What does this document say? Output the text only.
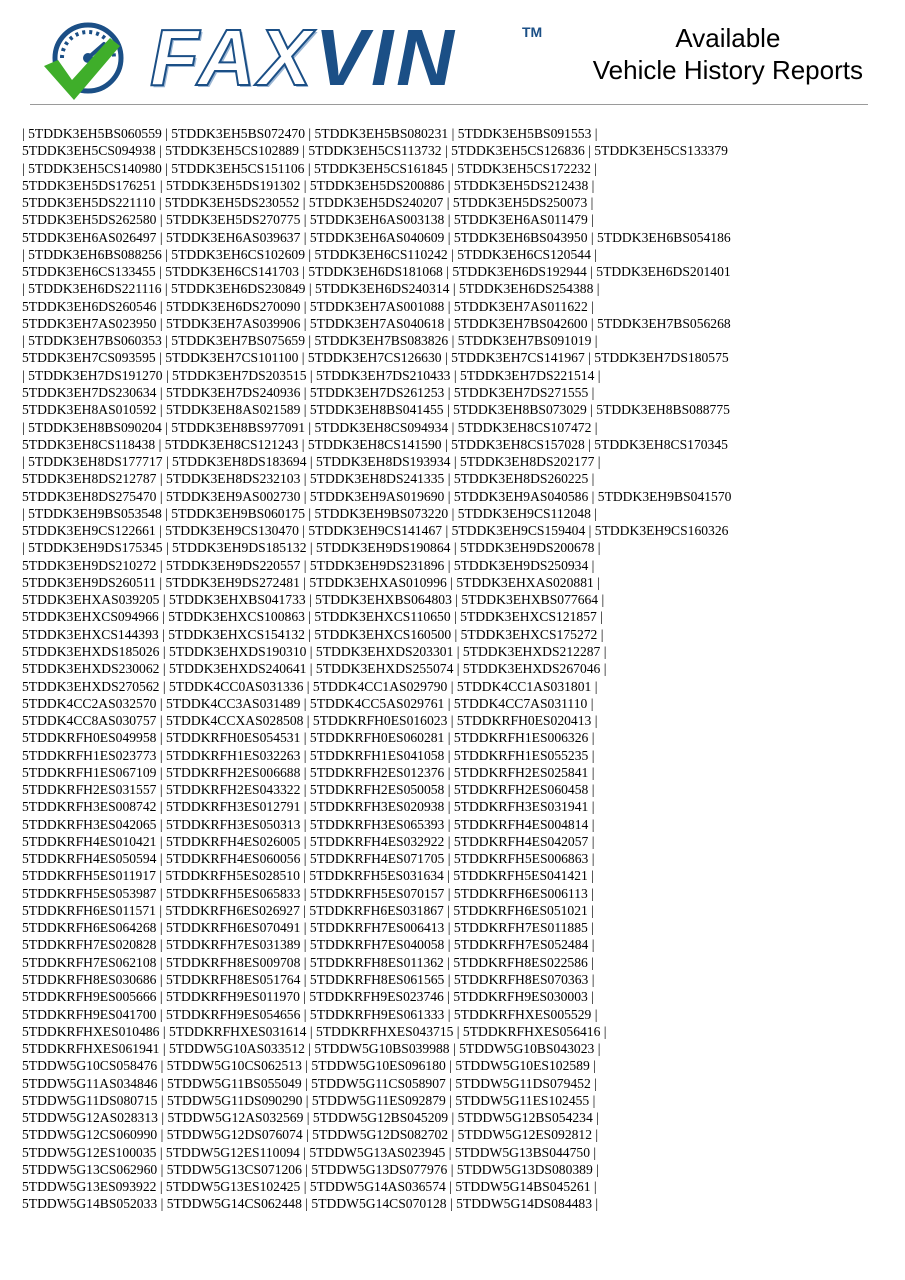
FAXVIN	TM	Available
Vehicle History Reports
| 5TDDK3EH5BS060559 | 5TDDK3EH5BS072470 | 5TDDK3EH5BS080231 | 5TDDK3EH5BS091553 |
5TDDK3EH5CS094938 | 5TDDK3EH5CS102889 | 5TDDK3EH5CS113732 | 5TDDK3EH5CS126836 | 5TDDK3EH5CS133379
| 5TDDK3EH5CS140980 | 5TDDK3EH5CS151106 | 5TDDK3EH5CS161845 | 5TDDK3EH5CS172232 |
5TDDK3EH5DS176251 | 5TDDK3EH5DS191302 | 5TDDK3EH5DS200886 | 5TDDK3EH5DS212438 |
5TDDK3EH5DS221110 | 5TDDK3EH5DS230552 | 5TDDK3EH5DS240207 | 5TDDK3EH5DS250073 |
5TDDK3EH5DS262580 | 5TDDK3EH5DS270775 | 5TDDK3EH6AS003138 | 5TDDK3EH6AS011479 |
5TDDK3EH6AS026497 | 5TDDK3EH6AS039637 | 5TDDK3EH6AS040609 | 5TDDK3EH6BS043950 | 5TDDK3EH6BS054186
| 5TDDK3EH6BS088256 | 5TDDK3EH6CS102609 | 5TDDK3EH6CS110242 | 5TDDK3EH6CS120544 |
5TDDK3EH6CS133455 | 5TDDK3EH6CS141703 | 5TDDK3EH6DS181068 | 5TDDK3EH6DS192944 | 5TDDK3EH6DS201401
| 5TDDK3EH6DS221116 | 5TDDK3EH6DS230849 | 5TDDK3EH6DS240314 | 5TDDK3EH6DS254388 |
5TDDK3EH6DS260546 | 5TDDK3EH6DS270090 | 5TDDK3EH7AS001088 | 5TDDK3EH7AS011622 |
5TDDK3EH7AS023950 | 5TDDK3EH7AS039906 | 5TDDK3EH7AS040618 | 5TDDK3EH7BS042600 | 5TDDK3EH7BS056268
| 5TDDK3EH7BS060353 | 5TDDK3EH7BS075659 | 5TDDK3EH7BS083826 | 5TDDK3EH7BS091019 |
5TDDK3EH7CS093595 | 5TDDK3EH7CS101100 | 5TDDK3EH7CS126630 | 5TDDK3EH7CS141967 | 5TDDK3EH7DS180575
| 5TDDK3EH7DS191270 | 5TDDK3EH7DS203515 | 5TDDK3EH7DS210433 | 5TDDK3EH7DS221514 |
5TDDK3EH7DS230634 | 5TDDK3EH7DS240936 | 5TDDK3EH7DS261253 | 5TDDK3EH7DS271555 |
5TDDK3EH8AS010592 | 5TDDK3EH8AS021589 | 5TDDK3EH8BS041455 | 5TDDK3EH8BS073029 | 5TDDK3EH8BS088775
| 5TDDK3EH8BS090204 | 5TDDK3EH8BS977091 | 5TDDK3EH8CS094934 | 5TDDK3EH8CS107472 |
5TDDK3EH8CS118438 | 5TDDK3EH8CS121243 | 5TDDK3EH8CS141590 | 5TDDK3EH8CS157028 | 5TDDK3EH8CS170345
| 5TDDK3EH8DS177717 | 5TDDK3EH8DS183694 | 5TDDK3EH8DS193934 | 5TDDK3EH8DS202177 |
5TDDK3EH8DS212787 | 5TDDK3EH8DS232103 | 5TDDK3EH8DS241335 | 5TDDK3EH8DS260225 |
5TDDK3EH8DS275470 | 5TDDK3EH9AS002730 | 5TDDK3EH9AS019690 | 5TDDK3EH9AS040586 | 5TDDK3EH9BS041570
| 5TDDK3EH9BS053548 | 5TDDK3EH9BS060175 | 5TDDK3EH9BS073220 | 5TDDK3EH9CS112048 |
5TDDK3EH9CS122661 | 5TDDK3EH9CS130470 | 5TDDK3EH9CS141467 | 5TDDK3EH9CS159404 | 5TDDK3EH9CS160326
| 5TDDK3EH9DS175345 | 5TDDK3EH9DS185132 | 5TDDK3EH9DS190864 | 5TDDK3EH9DS200678 |
5TDDK3EH9DS210272 | 5TDDK3EH9DS220557 | 5TDDK3EH9DS231896 | 5TDDK3EH9DS250934 |
5TDDK3EH9DS260511 | 5TDDK3EH9DS272481 | 5TDDK3EHXAS010996 | 5TDDK3EHXAS020881 |
5TDDK3EHXAS039205 | 5TDDK3EHXBS041733 | 5TDDK3EHXBS064803 | 5TDDK3EHXBS077664 |
5TDDK3EHXCS094966 | 5TDDK3EHXCS100863 | 5TDDK3EHXCS110650 | 5TDDK3EHXCS121857 |
5TDDK3EHXCS144393 | 5TDDK3EHXCS154132 | 5TDDK3EHXCS160500 | 5TDDK3EHXCS175272 |
5TDDK3EHXDS185026 | 5TDDK3EHXDS190310 | 5TDDK3EHXDS203301 | 5TDDK3EHXDS212287 |
5TDDK3EHXDS230062 | 5TDDK3EHXDS240641 | 5TDDK3EHXDS255074 | 5TDDK3EHXDS267046 |
5TDDK3EHXDS270562 | 5TDDK4CC0AS031336 | 5TDDK4CC1AS029790 | 5TDDK4CC1AS031801 |
5TDDK4CC2AS032570 | 5TDDK4CC3AS031489 | 5TDDK4CC5AS029761 | 5TDDK4CC7AS031110 |
5TDDK4CC8AS030757 | 5TDDK4CCXAS028508 | 5TDDKRFH0ES016023 | 5TDDKRFH0ES020413 |
5TDDKRFH0ES049958 | 5TDDKRFH0ES054531 | 5TDDKRFH0ES060281 | 5TDDKRFH1ES006326 |
5TDDKRFH1ES023773 | 5TDDKRFH1ES032263 | 5TDDKRFH1ES041058 | 5TDDKRFH1ES055235 |
5TDDKRFH1ES067109 | 5TDDKRFH2ES006688 | 5TDDKRFH2ES012376 | 5TDDKRFH2ES025841 |
5TDDKRFH2ES031557 | 5TDDKRFH2ES043322 | 5TDDKRFH2ES050058 | 5TDDKRFH2ES060458 |
5TDDKRFH3ES008742 | 5TDDKRFH3ES012791 | 5TDDKRFH3ES020938 | 5TDDKRFH3ES031941 |
5TDDKRFH3ES042065 | 5TDDKRFH3ES050313 | 5TDDKRFH3ES065393 | 5TDDKRFH4ES004814 |
5TDDKRFH4ES010421 | 5TDDKRFH4ES026005 | 5TDDKRFH4ES032922 | 5TDDKRFH4ES042057 |
5TDDKRFH4ES050594 | 5TDDKRFH4ES060056 | 5TDDKRFH4ES071705 | 5TDDKRFH5ES006863 |
5TDDKRFH5ES011917 | 5TDDKRFH5ES028510 | 5TDDKRFH5ES031634 | 5TDDKRFH5ES041421 |
5TDDKRFH5ES053987 | 5TDDKRFH5ES065833 | 5TDDKRFH5ES070157 | 5TDDKRFH6ES006113 |
5TDDKRFH6ES011571 | 5TDDKRFH6ES026927 | 5TDDKRFH6ES031867 | 5TDDKRFH6ES051021 |
5TDDKRFH6ES064268 | 5TDDKRFH6ES070491 | 5TDDKRFH7ES006413 | 5TDDKRFH7ES011885 |
5TDDKRFH7ES020828 | 5TDDKRFH7ES031389 | 5TDDKRFH7ES040058 | 5TDDKRFH7ES052484 |
5TDDKRFH7ES062108 | 5TDDKRFH8ES009708 | 5TDDKRFH8ES011362 | 5TDDKRFH8ES022586 |
5TDDKRFH8ES030686 | 5TDDKRFH8ES051764 | 5TDDKRFH8ES061565 | 5TDDKRFH8ES070363 |
5TDDKRFH9ES005666 | 5TDDKRFH9ES011970 | 5TDDKRFH9ES023746 | 5TDDKRFH9ES030003 |
5TDDKRFH9ES041700 | 5TDDKRFH9ES054656 | 5TDDKRFH9ES061333 | 5TDDKRFHXES005529 |
5TDDKRFHXES010486 | 5TDDKRFHXES031614 | 5TDDKRFHXES043715 | 5TDDKRFHXES056416 |
5TDDKRFHXES061941 | 5TDDW5G10AS033512 | 5TDDW5G10BS039988 | 5TDDW5G10BS043023 |
5TDDW5G10CS058476 | 5TDDW5G10CS062513 | 5TDDW5G10ES096180 | 5TDDW5G10ES102589 |
5TDDW5G11AS034846 | 5TDDW5G11BS055049 | 5TDDW5G11CS058907 | 5TDDW5G11DS079452 |
5TDDW5G11DS080715 | 5TDDW5G11DS090290 | 5TDDW5G11ES092879 | 5TDDW5G11ES102455 |
5TDDW5G12AS028313 | 5TDDW5G12AS032569 | 5TDDW5G12BS045209 | 5TDDW5G12BS054234 |
5TDDW5G12CS060990 | 5TDDW5G12DS076074 | 5TDDW5G12DS082702 | 5TDDW5G12ES092812 |
5TDDW5G12ES100035 | 5TDDW5G12ES110094 | 5TDDW5G13AS023945 | 5TDDW5G13BS044750 |
5TDDW5G13CS062960 | 5TDDW5G13CS071206 | 5TDDW5G13DS077976 | 5TDDW5G13DS080389 |
5TDDW5G13ES093922 | 5TDDW5G13ES102425 | 5TDDW5G14AS036574 | 5TDDW5G14BS045261 |
5TDDW5G14BS052033 | 5TDDW5G14CS062448 | 5TDDW5G14CS070128 | 5TDDW5G14DS084483 |
